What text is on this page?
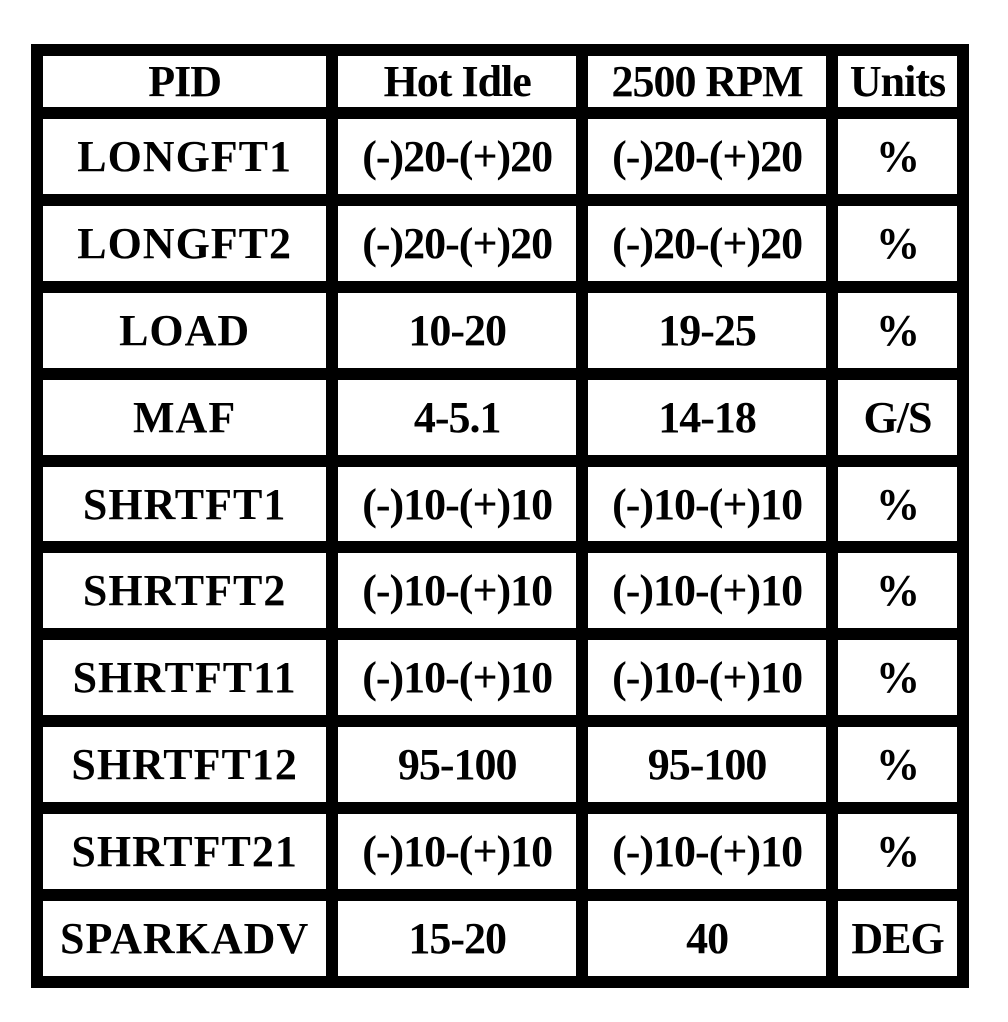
PID	Hot Idle	2500 RPM	Units
LONGFT1	(-)20-(+)20	(-)20-(+)20	%
LONGFT2	(-)20-(+)20	(-)20-(+)20	%
LOAD	10-20	19-25	%
MAF	4-5.1	14-18	G/S
SHRTFT1	(-)10-(+)10	(-)10-(+)10	%
SHRTFT2	(-)10-(+)10	(-)10-(+)10	%
SHRTFT11	(-)10-(+)10	(-)10-(+)10	%
SHRTFT12	95-100	95-100	%
SHRTFT21	(-)10-(+)10	(-)10-(+)10	%
SPARKADV	15-20	40	DEG
